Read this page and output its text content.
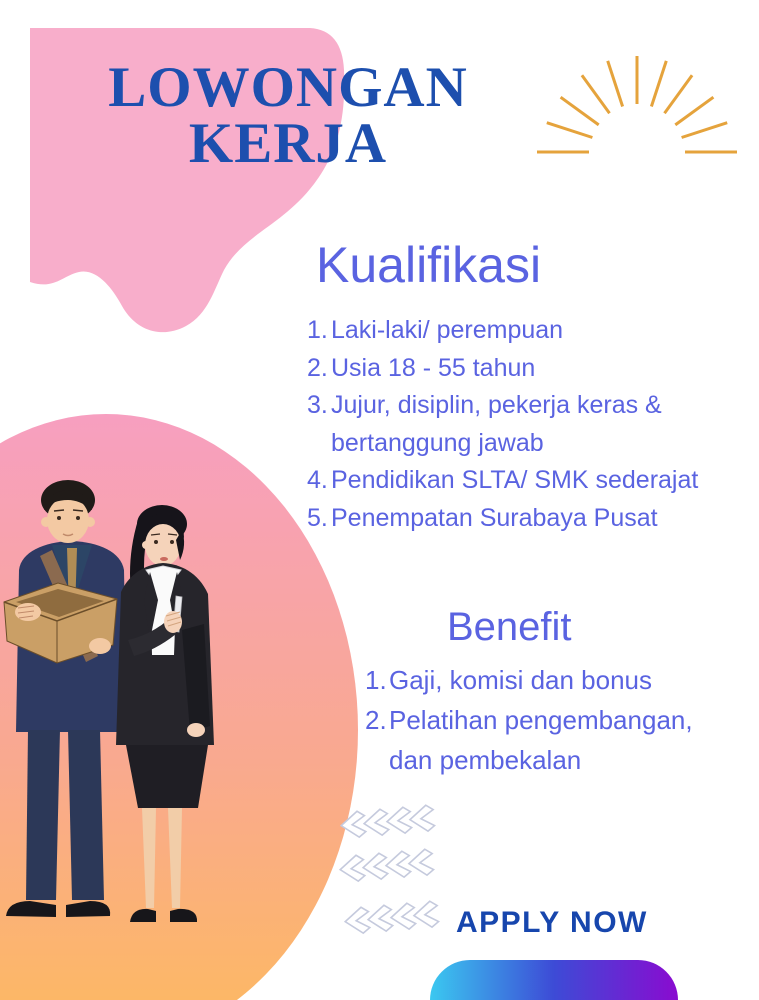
LOWONGAN
KERJA
Kualifikasi
1. Laki-laki/ perempuan
2. Usia 18 - 55 tahun
3. Jujur, disiplin, pekerja keras & bertanggung jawab
4. Pendidikan SLTA/ SMK sederajat
5. Penempatan Surabaya Pusat
Benefit
1. Gaji, komisi dan bonus
2. Pelatihan pengembangan, dan pembekalan
APPLY NOW
